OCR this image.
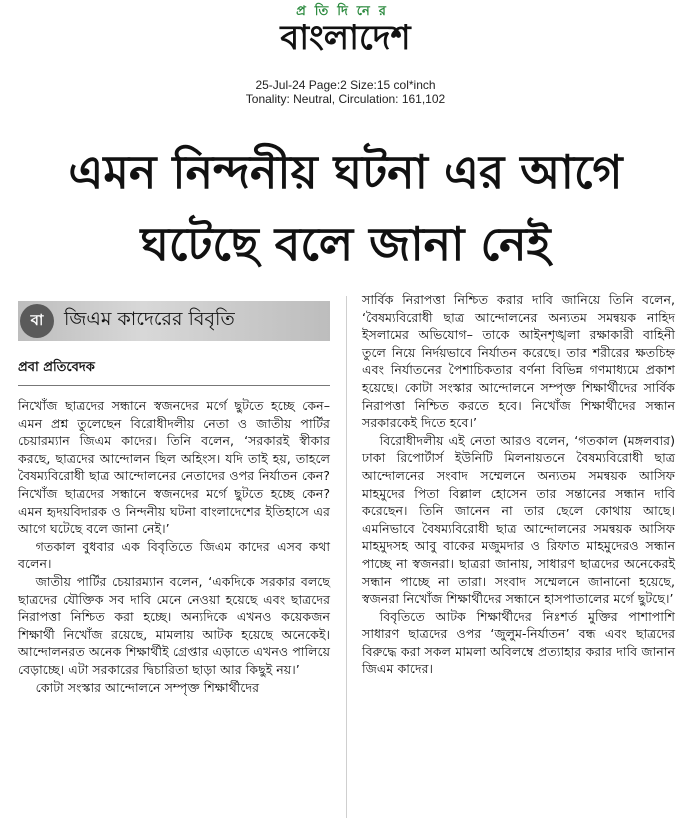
প্রতিদিনের
বাংলাদেশ
25-Jul-24 Page:2 Size:15 col*inch
Tonality: Neutral, Circulation: 161,102
এমন নিন্দনীয় ঘটনা এর আগে
ঘটেছে বলে জানা নেই
বা	জিএম কাদেরের বিবৃতি
প্রবা প্রতিবেদক

নিখোঁজ ছাত্রদের সন্ধানে স্বজনদের মর্গে ছুটতে হচ্ছে কেন– এমন প্রশ্ন তুলেছেন বিরোধীদলীয় নেতা ও জাতীয় পার্টির চেয়ারম্যান জিএম কাদের। তিনি বলেন, ‘সরকারই স্বীকার করছে, ছাত্রদের আন্দোলন ছিল অহিংস। যদি তাই হয়, তাহলে বৈষম্যবিরোধী ছাত্র আন্দোলনের নেতাদের ওপর নির্যাতন কেন? নিখোঁজ ছাত্রদের সন্ধানে স্বজনদের মর্গে ছুটতে হচ্ছে কেন? এমন হৃদয়বিদারক ও নিন্দনীয় ঘটনা বাংলাদেশের ইতিহাসে এর আগে ঘটেছে বলে জানা নেই।’

গতকাল বুধবার এক বিবৃতিতে জিএম কাদের এসব কথা বলেন।

জাতীয় পার্টির চেয়ারম্যান বলেন, ‘একদিকে সরকার বলছে ছাত্রদের যৌক্তিক সব দাবি মেনে নেওয়া হয়েছে এবং ছাত্রদের নিরাপত্তা নিশ্চিত করা হচ্ছে। অন্যদিকে এখনও কয়েকজন শিক্ষার্থী নিখোঁজ রয়েছে, মামলায় আটক হয়েছে অনেকেই। আন্দোলনরত অনেক শিক্ষার্থীই গ্রেপ্তার এড়াতে এখনও পালিয়ে বেড়াচ্ছে। এটা সরকারের দ্বিচারিতা ছাড়া আর কিছুই নয়।’

কোটা সংস্কার আন্দোলনে সম্পৃক্ত শিক্ষার্থীদের

সার্বিক নিরাপত্তা নিশ্চিত করার দাবি জানিয়ে তিনি বলেন, ‘বৈষম্যবিরোধী ছাত্র আন্দোলনের অন্যতম সমন্বয়ক নাহিদ ইসলামের অভিযোগ– তাকে আইনশৃঙ্খলা রক্ষাকারী বাহিনী তুলে নিয়ে নির্দয়ভাবে নির্যাতন করেছে। তার শরীরের ক্ষতচিহ্ন এবং নির্যাতনের পৈশাচিকতার বর্ণনা বিভিন্ন গণমাধ্যমে প্রকাশ হয়েছে। কোটা সংস্কার আন্দোলনে সম্পৃক্ত শিক্ষার্থীদের সার্বিক নিরাপত্তা নিশ্চিত করতে হবে। নিখোঁজ শিক্ষার্থীদের সন্ধান সরকারকেই দিতে হবে।’

বিরোধীদলীয় এই নেতা আরও বলেন, ‘গতকাল (মঙ্গলবার) ঢাকা রিপোর্টার্স ইউনিটি মিলনায়তনে বৈষম্যবিরোধী ছাত্র আন্দোলনের সংবাদ সম্মেলনে অন্যতম সমন্বয়ক আসিফ মাহমুদের পিতা বিল্লাল হোসেন তার সন্তানের সন্ধান দাবি করেছেন। তিনি জানেন না তার ছেলে কোথায় আছে। এমনিভাবে বৈষম্যবিরোধী ছাত্র আন্দোলনের সমন্বয়ক আসিফ মাহমুদসহ আবু বাকের মজুমদার ও রিফাত মাহমুদেরও সন্ধান পাচ্ছে না স্বজনরা। ছাত্ররা জানায়, সাধারণ ছাত্রদের অনেকেরই সন্ধান পাচ্ছে না তারা। সংবাদ সম্মেলনে জানানো হয়েছে, স্বজনরা নিখোঁজ শিক্ষার্থীদের সন্ধানে হাসপাতালের মর্গে ছুটছে।’

বিবৃতিতে আটক শিক্ষার্থীদের নিঃশর্ত মুক্তির পাশাপাশি সাধারণ ছাত্রদের ওপর ‘জুলুম-নির্যাতন’ বন্ধ এবং ছাত্রদের বিরুদ্ধে করা সকল মামলা অবিলম্বে প্রত্যাহার করার দাবি জানান জিএম কাদের।
